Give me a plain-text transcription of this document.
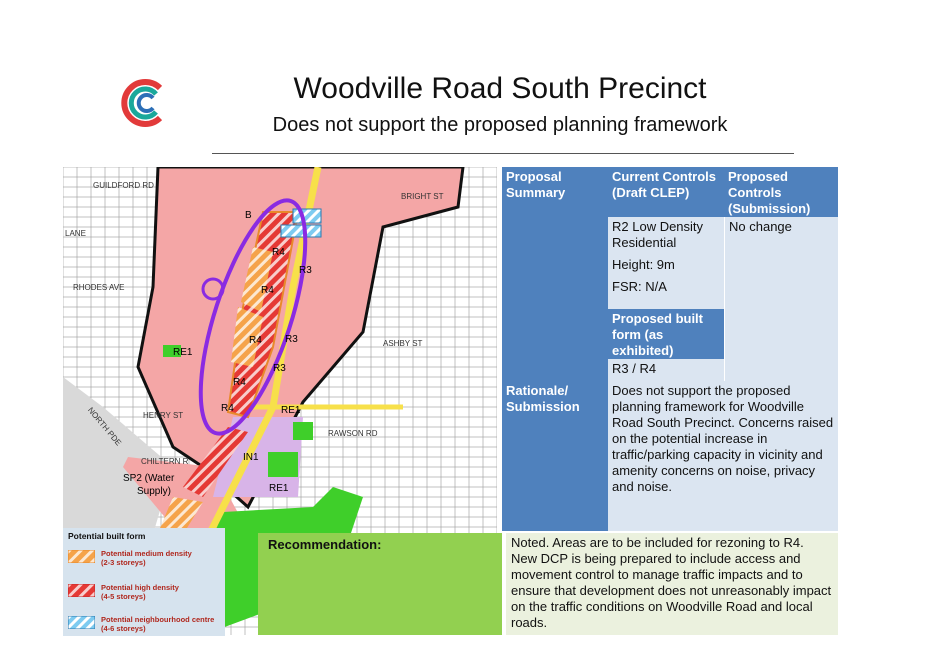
Woodville Road South Precinct
Does not support the proposed planning framework
GUILDFORD RD
BRIGHT ST
LANE
RHODES AVE
NORTH PDE HENRY ST
RAWSON RD
CHILTERN R
ASHBY ST
B
R4
R3
R4
R4 R3
R3
R4
R4
RE1
RE1
IN1
RE1
SP2 (Water
Supply)
Potential built form
Potential medium density
(2-3 storeys)
Potential high density
(4-5 storeys)
Potential neighbourhood centre
(4-6 storeys)
Proposal Summary
Current Controls (Draft CLEP)
Proposed Controls (Submission)
R2 Low Density Residential
Height: 9m
FSR: N/A
No change
Proposed built form (as exhibited)
R3 / R4
Rationale/ Submission
Does not support the proposed planning framework for Woodville Road South Precinct. Concerns raised on the potential increase in traffic/parking capacity in vicinity and amenity concerns on noise, privacy and noise.
Recommendation:	Noted. Areas are to be included for rezoning to R4. New DCP is being prepared to include access and movement control to manage traffic impacts and to ensure that development does not unreasonably impact on the traffic conditions on Woodville Road and local roads.
